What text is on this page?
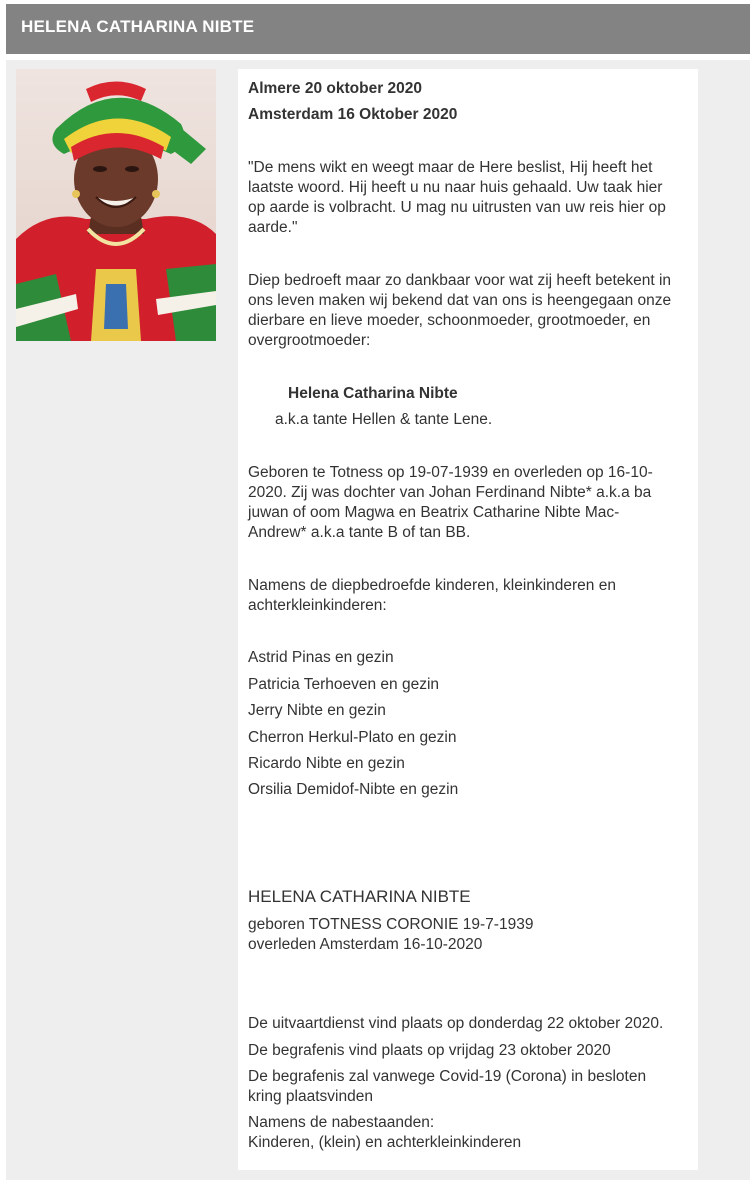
HELENA CATHARINA NIBTE
Almere 20 oktober 2020
Amsterdam 16 Oktober 2020
"De mens wikt en weegt maar de Here beslist, Hij heeft het
laatste woord. Hij heeft u nu naar huis gehaald. Uw taak hier
op aarde is volbracht. U mag nu uitrusten van uw reis hier op
aarde."
Diep bedroeft maar zo dankbaar voor wat zij heeft betekent in
ons leven maken wij bekend dat van ons is heengegaan onze
dierbare en lieve moeder, schoonmoeder, grootmoeder, en
overgrootmoeder:
Helena Catharina Nibte
a.k.a tante Hellen & tante Lene.
Geboren te Totness op 19-07-1939 en overleden op 16-10-
2020. Zij was dochter van Johan Ferdinand Nibte* a.k.a ba
juwan of oom Magwa en Beatrix Catharine Nibte Mac-
Andrew* a.k.a tante B of tan BB.
Namens de diepbedroefde kinderen, kleinkinderen en
achterkleinkinderen:
Astrid Pinas en gezin
Patricia Terhoeven en gezin
Jerry Nibte en gezin
Cherron Herkul-Plato en gezin
Ricardo Nibte en gezin
Orsilia Demidof-Nibte en gezin
HELENA CATHARINA NIBTE
geboren TOTNESS CORONIE 19-7-1939
overleden Amsterdam 16-10-2020
De uitvaartdienst vind plaats op donderdag 22 oktober 2020.
De begrafenis vind plaats op vrijdag 23 oktober 2020
De begrafenis zal vanwege Covid-19 (Corona) in besloten
kring plaatsvinden
Namens de nabestaanden:
Kinderen, (klein) en achterkleinkinderen
